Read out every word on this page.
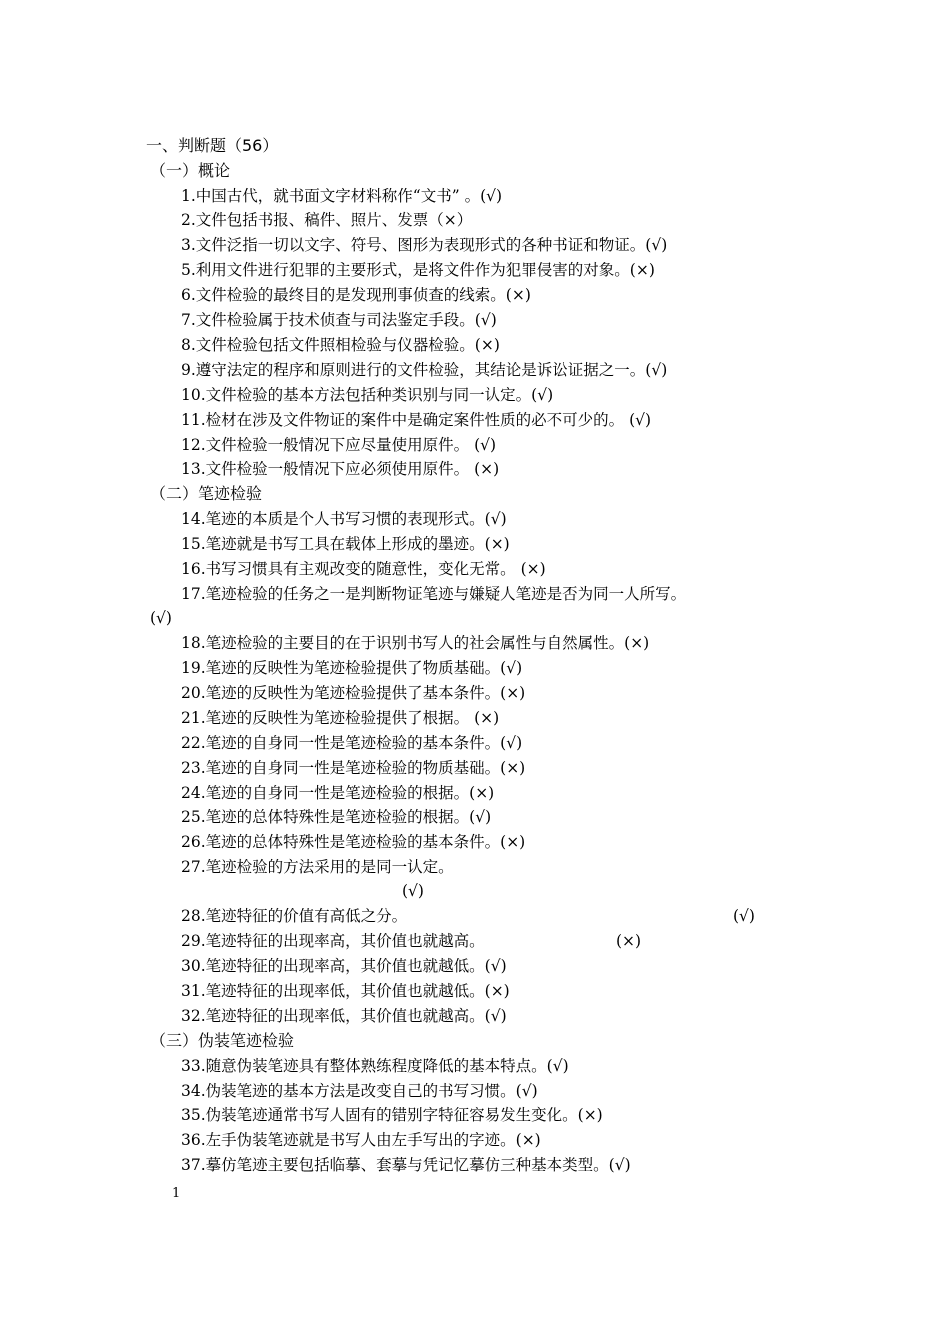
一、判断题（56）
（一）概论
1.中国古代，就书面文字材料称作“文书” 。(√)
2.文件包括书报、稿件、照片、发票（×）
3.文件泛指一切以文字、符号、图形为表现形式的各种书证和物证。(√)
5.利用文件进行犯罪的主要形式，是将文件作为犯罪侵害的对象。(×)
6.文件检验的最终目的是发现刑事侦查的线索。(×)
7.文件检验属于技术侦查与司法鉴定手段。(√)
8.文件检验包括文件照相检验与仪器检验。(×)
9.遵守法定的程序和原则进行的文件检验，其结论是诉讼证据之一。(√)
10.文件检验的基本方法包括种类识别与同一认定。(√)
11.检材在涉及文件物证的案件中是确定案件性质的必不可少的。 (√)
12.文件检验一般情况下应尽量使用原件。 (√)
13.文件检验一般情况下应必须使用原件。 (×)
（二）笔迹检验
14.笔迹的本质是个人书写习惯的表现形式。(√)
15.笔迹就是书写工具在载体上形成的墨迹。(×)
16.书写习惯具有主观改变的随意性，变化无常。 (×)
17.笔迹检验的任务之一是判断物证笔迹与嫌疑人笔迹是否为同一人所写。
(√)
18.笔迹检验的主要目的在于识别书写人的社会属性与自然属性。(×)
19.笔迹的反映性为笔迹检验提供了物质基础。(√)
20.笔迹的反映性为笔迹检验提供了基本条件。(×)
21.笔迹的反映性为笔迹检验提供了根据。 (×)
22.笔迹的自身同一性是笔迹检验的基本条件。(√)
23.笔迹的自身同一性是笔迹检验的物质基础。(×)
24.笔迹的自身同一性是笔迹检验的根据。(×)
25.笔迹的总体特殊性是笔迹检验的根据。(√)
26.笔迹的总体特殊性是笔迹检验的基本条件。(×)
27.笔迹检验的方法采用的是同一认定。
(√)
28.笔迹特征的价值有高低之分。	(√)
29.笔迹特征的出现率高，其价值也就越高。	(×)
30.笔迹特征的出现率高，其价值也就越低。(√)
31.笔迹特征的出现率低，其价值也就越低。(×)
32.笔迹特征的出现率低，其价值也就越高。(√)
（三）伪装笔迹检验
33.随意伪装笔迹具有整体熟练程度降低的基本特点。(√)
34.伪装笔迹的基本方法是改变自己的书写习惯。(√)
35.伪装笔迹通常书写人固有的错别字特征容易发生变化。(×)
36.左手伪装笔迹就是书写人由左手写出的字迹。(×)
37.摹仿笔迹主要包括临摹、套摹与凭记忆摹仿三种基本类型。(√)
1
